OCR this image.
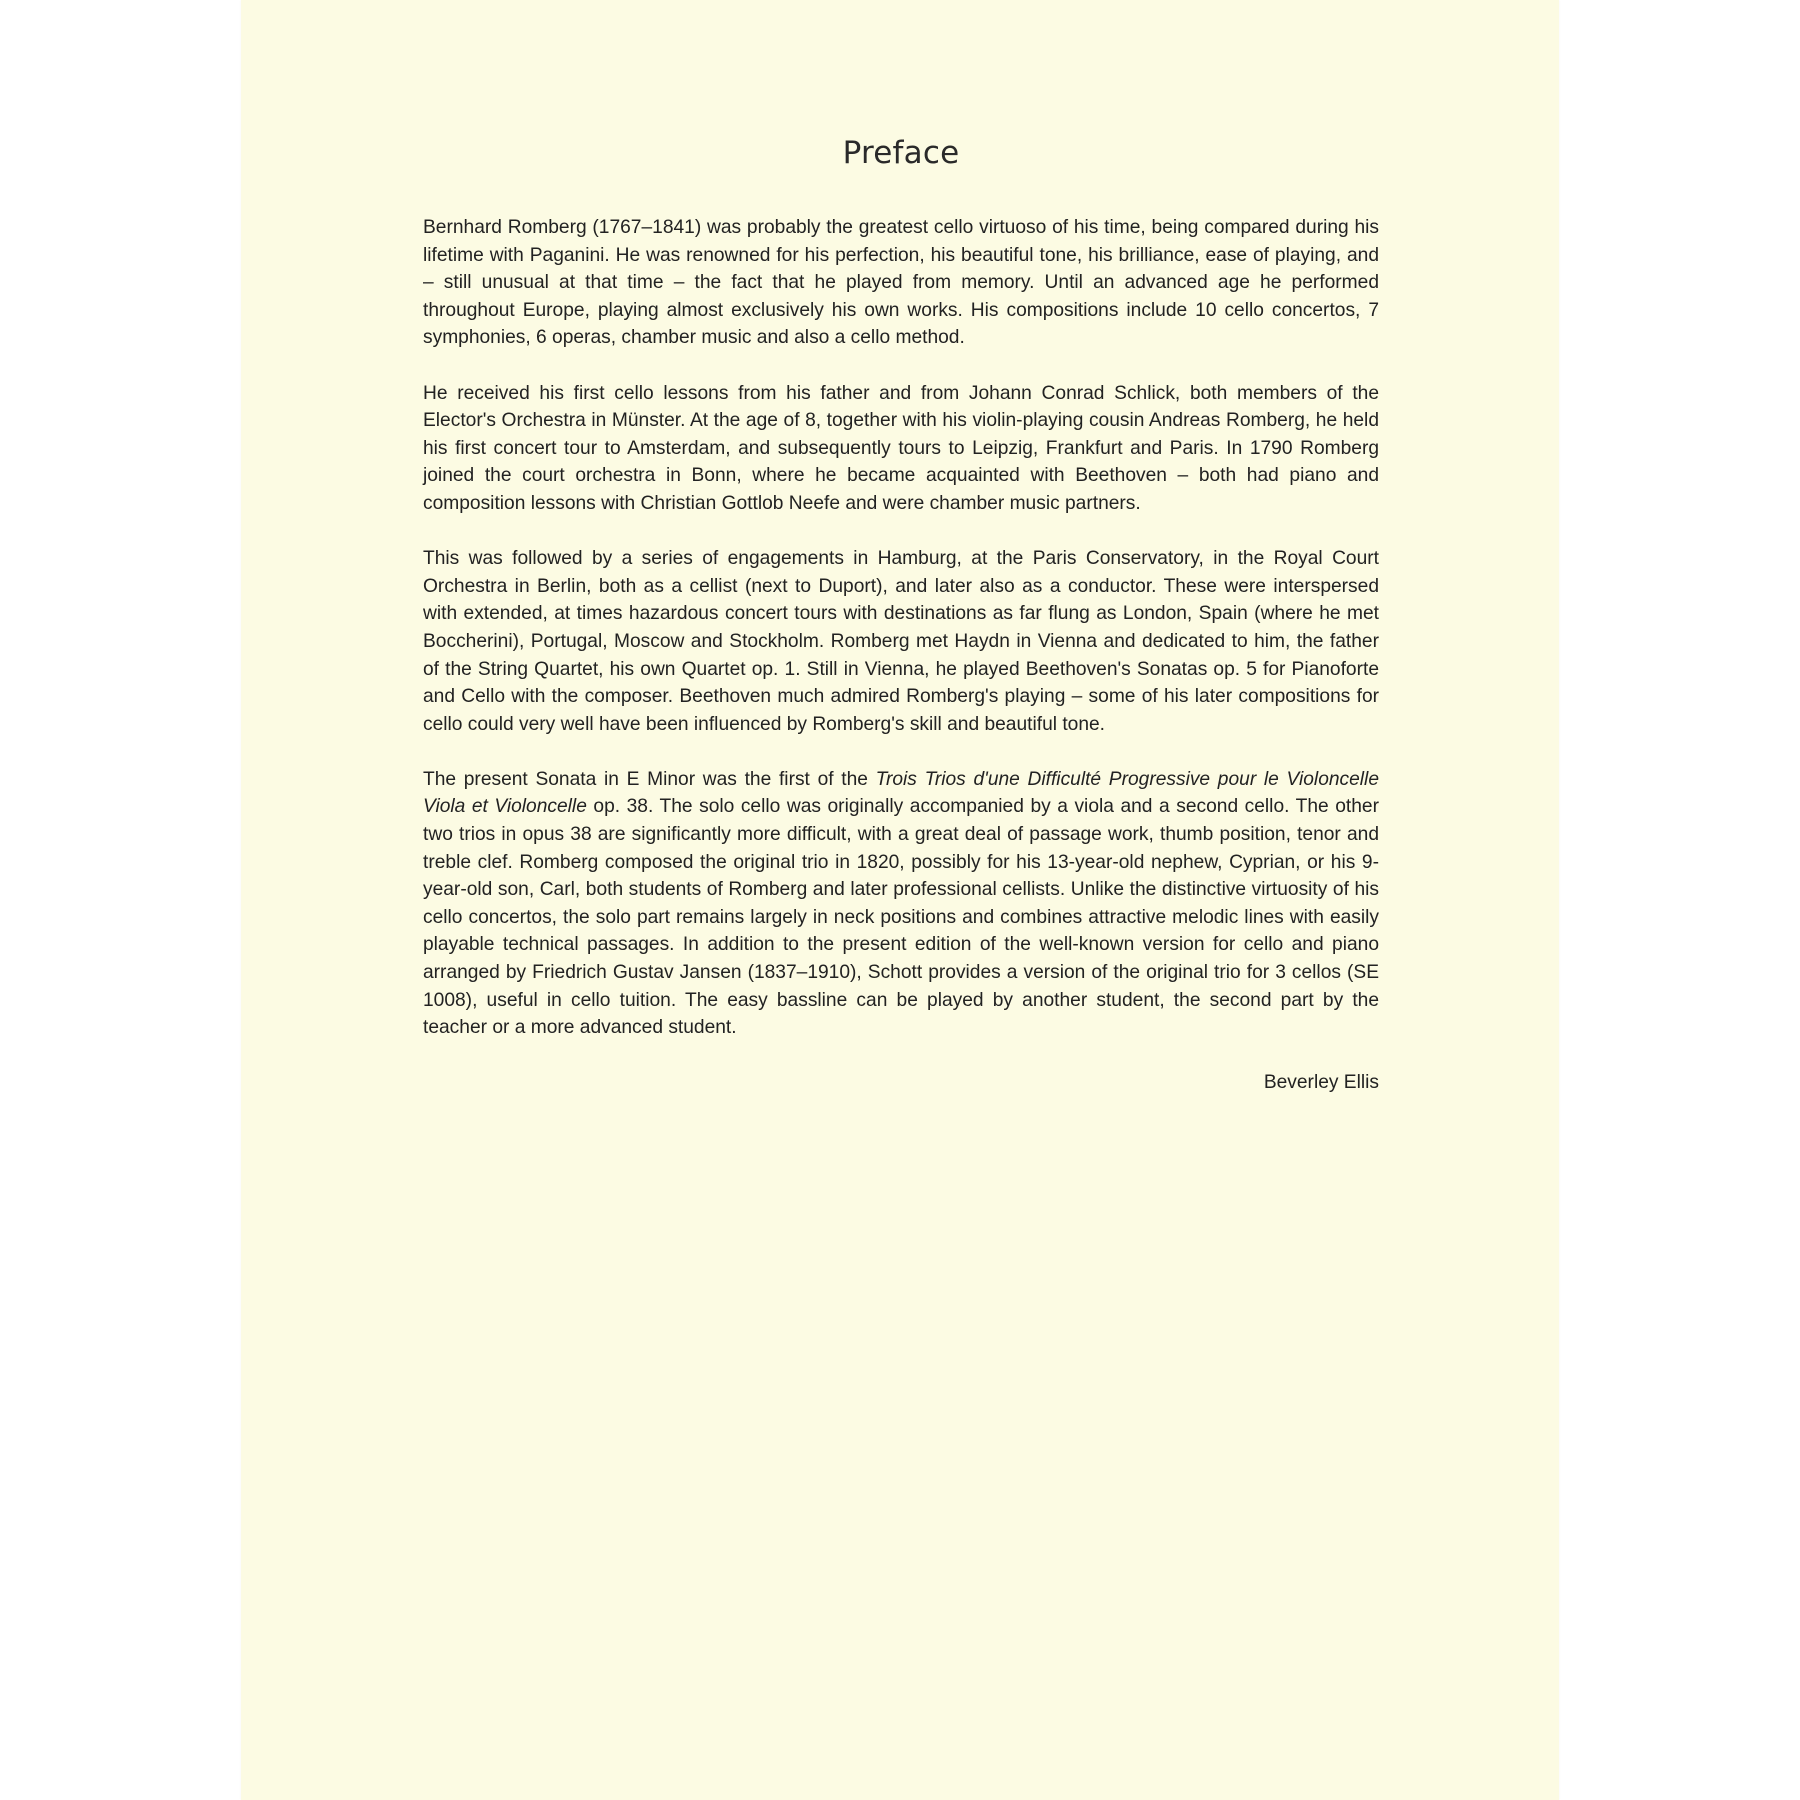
Preface

Bernhard Romberg (1767–1841) was probably the greatest cello virtuoso of his time, being compared during his lifetime with Paganini. He was renowned for his perfection, his beautiful tone, his brilliance, ease of playing, and – still unusual at that time – the fact that he played from memory. Until an advanced age he performed throughout Europe, playing almost exclusively his own works. His compositions include 10 cello concertos, 7 symphonies, 6 operas, chamber music and also a cello method.

He received his first cello lessons from his father and from Johann Conrad Schlick, both members of the Elector's Orchestra in Münster. At the age of 8, together with his violin-playing cousin Andreas Romberg, he held his first concert tour to Amsterdam, and subsequently tours to Leipzig, Frankfurt and Paris. In 1790 Romberg joined the court orchestra in Bonn, where he became acquainted with Beethoven – both had piano and composition lessons with Christian Gottlob Neefe and were chamber music partners.

This was followed by a series of engagements in Hamburg, at the Paris Conservatory, in the Royal Court Orchestra in Berlin, both as a cellist (next to Duport), and later also as a conductor. These were interspersed with extended, at times hazardous concert tours with destinations as far flung as London, Spain (where he met Boccherini), Portugal, Moscow and Stockholm. Romberg met Haydn in Vienna and dedicated to him, the father of the String Quartet, his own Quartet op. 1. Still in Vienna, he played Beethoven's Sonatas op. 5 for Pianoforte and Cello with the composer. Beethoven much admired Romberg's playing – some of his later compositions for cello could very well have been influenced by Romberg's skill and beautiful tone.

The present Sonata in E Minor was the first of the Trois Trios d'une Difficulté Progressive pour le Violoncelle Viola et Violoncelle op. 38. The solo cello was originally accompanied by a viola and a second cello. The other two trios in opus 38 are significantly more difficult, with a great deal of passage work, thumb position, tenor and treble clef. Romberg composed the original trio in 1820, possibly for his 13-year-old nephew, Cyprian, or his 9-year-old son, Carl, both students of Romberg and later professional cellists. Unlike the distinctive virtuosity of his cello concertos, the solo part remains largely in neck positions and combines attractive melodic lines with easily playable technical passages. In addition to the present edition of the well-known version for cello and piano arranged by Friedrich Gustav Jansen (1837–1910), Schott provides a version of the original trio for 3 cellos (SE 1008), useful in cello tuition. The easy bassline can be played by another student, the second part by the teacher or a more advanced student.

Beverley Ellis
